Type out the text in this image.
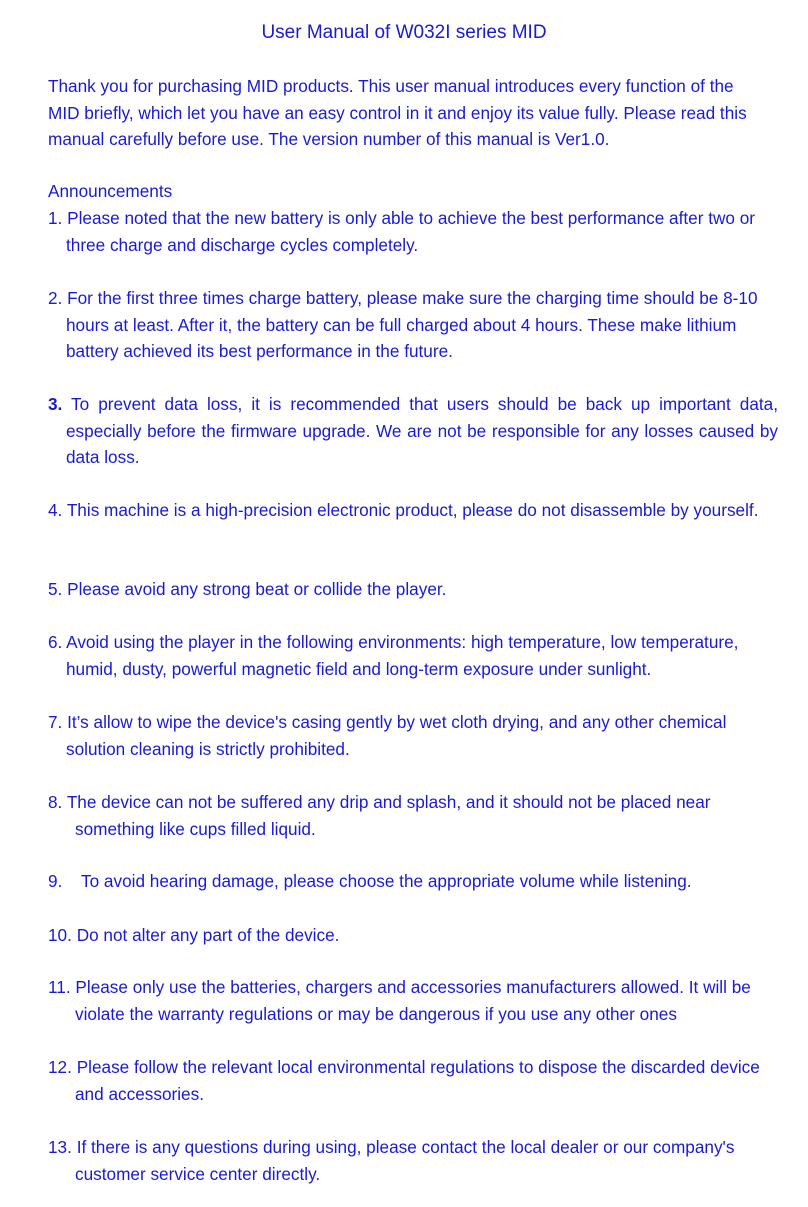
User Manual of W032I series MID

Thank you for purchasing MID products. This user manual introduces every function of the MID briefly, which let you have an easy control in it and enjoy its value fully. Please read this manual carefully before use. The version number of this manual is Ver1.0.

Announcements

1. Please noted that the new battery is only able to achieve the best performance after two or three charge and discharge cycles completely.

2. For the first three times charge battery, please make sure the charging time should be 8-10 hours at least. After it, the battery can be full charged about 4 hours. These make lithium battery achieved its best performance in the future.

3. To prevent data loss, it is recommended that users should be back up important data, especially before the firmware upgrade. We are not be responsible for any losses caused by data loss.

4. This machine is a high-precision electronic product, please do not disassemble by yourself.

5. Please avoid any strong beat or collide the player.

6. Avoid using the player in the following environments: high temperature, low temperature, humid, dusty, powerful magnetic field and long-term exposure under sunlight.

7. It’s allow to wipe the device's casing gently by wet cloth drying, and any other chemical solution cleaning is strictly prohibited.

8. The device can not be suffered any drip and splash, and it should not be placed near something like cups filled liquid.

9. To avoid hearing damage, please choose the appropriate volume while listening.

10. Do not alter any part of the device.

11. Please only use the batteries, chargers and accessories manufacturers allowed. It will be violate the warranty regulations or may be dangerous if you use any other ones

12. Please follow the relevant local environmental regulations to dispose the discarded device and accessories.

13. If there is any questions during using, please contact the local dealer or our company's customer service center directly.
